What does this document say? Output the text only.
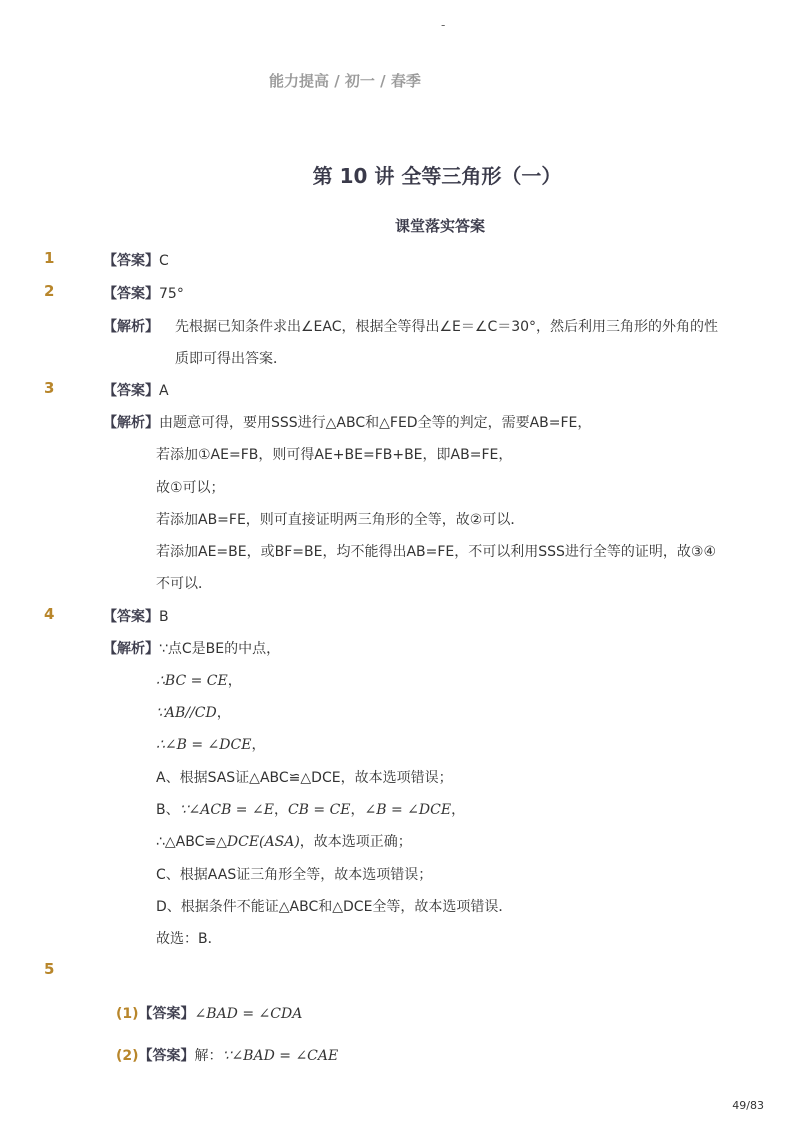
-
能力提高 / 初一 / 春季
第 10 讲 全等三角形（一）
课堂落实答案
1	【答案】C
2	【答案】75°
【解析】 先根据已知条件求出∠EAC，根据全等得出∠E＝∠C＝30°，然后利用三角形的外角的性
质即可得出答案．
3	【答案】A
【解析】由题意可得，要用SSS进行△ABC和△FED全等的判定，需要AB=FE，
若添加①AE=FB，则可得AE+BE=FB+BE，即AB=FE，
故①可以；
若添加AB=FE，则可直接证明两三角形的全等，故②可以．
若添加AE=BE，或BF=BE，均不能得出AB=FE，不可以利用SSS进行全等的证明，故③④
不可以．
4	【答案】B
【解析】∵点C是BE的中点，
∴BC = CE，
∵AB//CD，
∴∠B = ∠DCE，
A、根据SAS证△ABC≌△DCE，故本选项错误；
B、∵∠ACB = ∠E，CB = CE，∠B = ∠DCE，
∴△ABC≌△DCE(ASA)，故本选项正确；
C、根据AAS证三角形全等，故本选项错误；
D、根据条件不能证△ABC和△DCE全等，故本选项错误．
故选：B．
5
(1)【答案】∠BAD = ∠CDA
(2)【答案】解：∵∠BAD = ∠CAE
49/83
